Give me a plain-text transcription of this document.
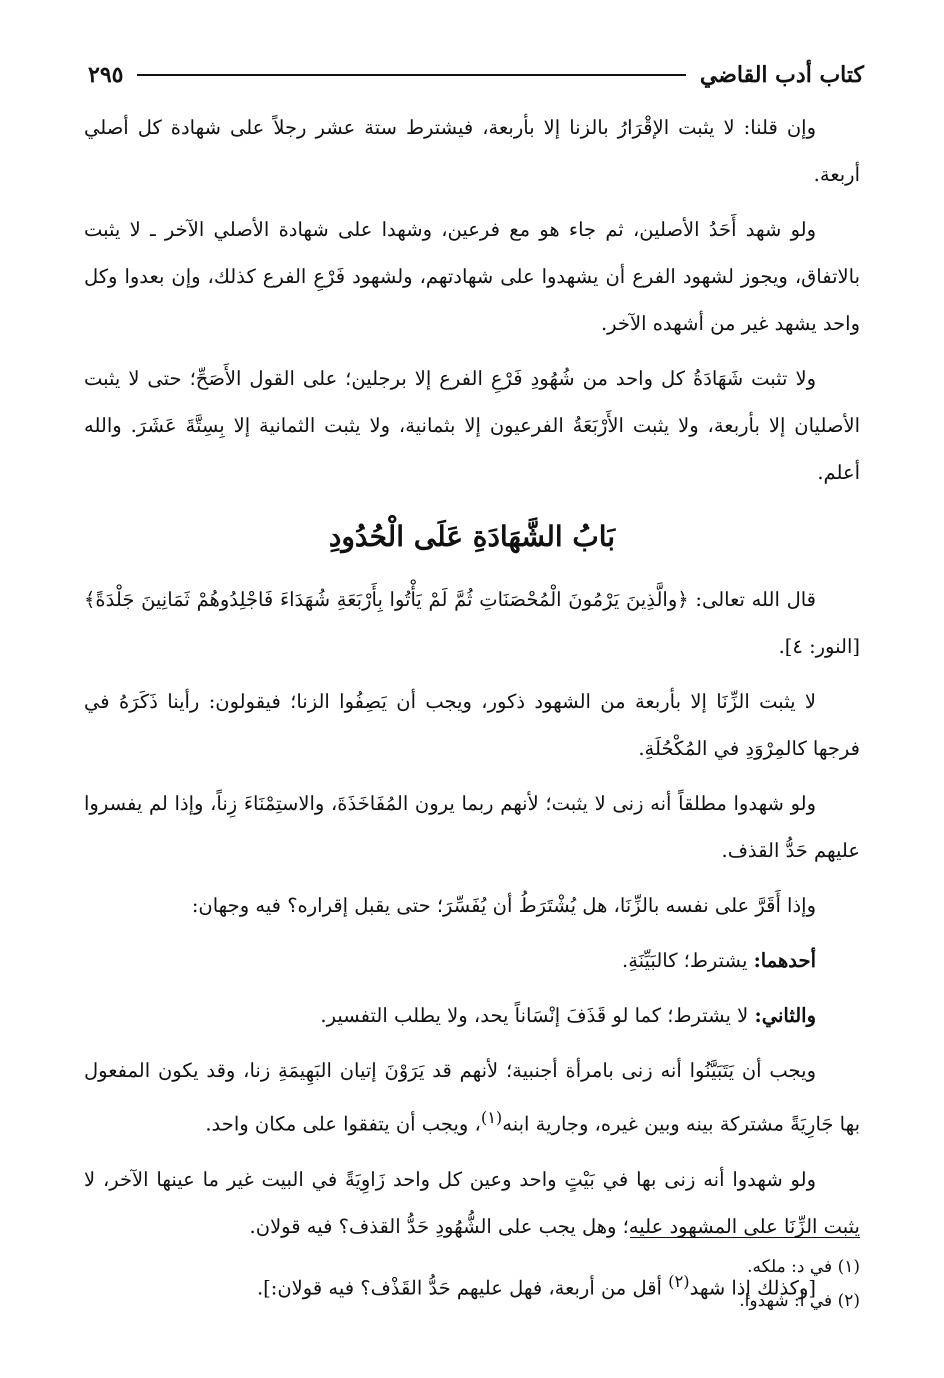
كتاب أدب القاضي
٢٩٥

وإن قلنا: لا يثبت الإقْرَارُ بالزنا إلا بأربعة، فيشترط ستة عشر رجلاً على شهادة كل أصلي أربعة.

ولو شهد أَحَدُ الأصلين، ثم جاء هو مع فرعين، وشهدا على شهادة الأصلي الآخر ـ لا يثبت بالاتفاق، ويجوز لشهود الفرع أن يشهدوا على شهادتهم، ولشهود فَرْعِ الفرع كذلك، وإن بعدوا وكل واحد يشهد غير من أشهده الآخر.

ولا تثبت شَهَادَةُ كل واحد من شُهُودِ فَرْعِ الفرع إلا برجلين؛ على القول الأَصَحِّ؛ حتى لا يثبت الأصليان إلا بأربعة، ولا يثبت الأَرْبَعَةُ الفرعيون إلا بثمانية، ولا يثبت الثمانية إلا بِسِتَّةَ عَشَرَ. والله أعلم.

بَابُ الشَّهَادَةِ عَلَى الْحُدُودِ

قال الله تعالى: ﴿والَّذِينَ يَرْمُونَ الْمُحْصَنَاتِ ثُمَّ لَمْ يَأْتُوا بِأَرْبَعَةِ شُهَدَاءَ فَاجْلِدُوهُمْ ثَمَانِينَ جَلْدَةً﴾ [النور: ٤].

لا يثبت الزِّنَا إلا بأربعة من الشهود ذكور، ويجب أن يَصِفُوا الزنا؛ فيقولون: رأينا ذَكَرَهُ في فرجها كالمِرْوَدِ في المُكْحُلَةِ.

ولو شهدوا مطلقاً أنه زنى لا يثبت؛ لأنهم ربما يرون المُفَاخَذَةَ، والاستِمْنَاءَ زِناً، وإذا لم يفسروا عليهم حَدُّ القذف.

وإذا أَقَرَّ على نفسه بالزِّنَا، هل يُشْتَرَطُ أن يُفَسِّرَ؛ حتى يقبل إقراره؟ فيه وجهان:

أحدهما: يشترط؛ كالبَيِّنَةِ.

والثاني: لا يشترط؛ كما لو قَذَفَ إنْسَاناً يحد، ولا يطلب التفسير.

ويجب أن يَتَبَيَّنُوا أنه زنى بامرأة أجنبية؛ لأنهم قد يَرَوْنَ إتيان البَهِيمَةِ زنا، وقد يكون المفعول بها جَارِيَةً مشتركة بينه وبين غيره، وجارية ابنه$^{(١)}$، ويجب أن يتفقوا على مكان واحد.

ولو شهدوا أنه زنى بها في بَيْتٍ واحد وعين كل واحد زَاوِيَةً في البيت غير ما عينها الآخر، لا يثبت الزِّنَا على المشهود عليه؛ وهل يجب على الشُّهُودِ حَدُّ القذف؟ فيه قولان.

[وكذلك إذا شهد$^{(٢)}$ أقل من أربعة، فهل عليهم حَدُّ القَذْف؟ فيه قولان:].

(١) في د: ملكه.
(٢) في أ: شهدوا.
